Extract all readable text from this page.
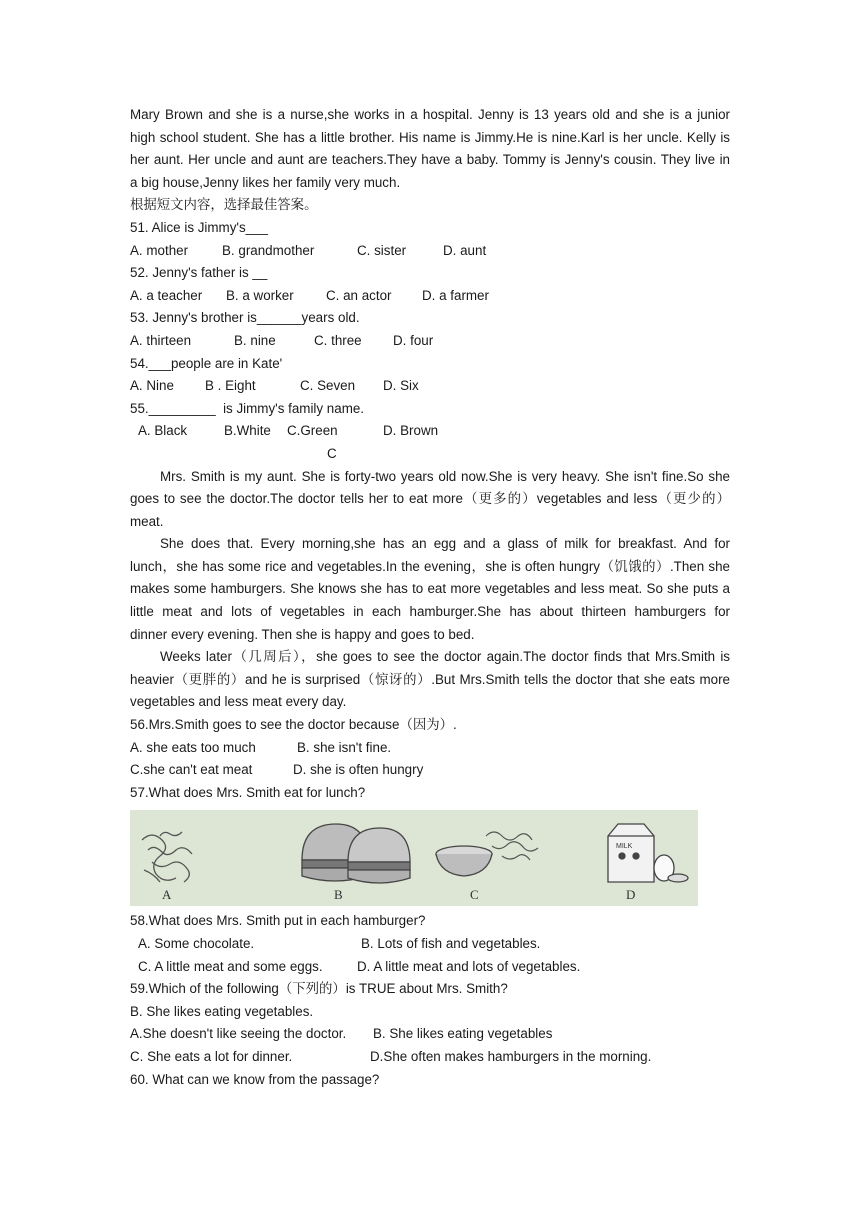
Mary Brown and she is a nurse,she works in a hospital. Jenny is 13 years old and she is a junior
high school student. She has a little brother. His name is Jimmy.He is nine.Karl is her uncle. Kelly is
her aunt. Her uncle and aunt are teachers.They have a baby. Tommy is Jenny's cousin. They live in
a big house,Jenny likes her family very much.
根据短文内容，选择最佳答案。
51. Alice is Jimmy's___
A. mother	B. grandmother	C. sister	D. aunt
52. Jenny's father is __
A. a teacher	B. a worker	C. an actor	D. a farmer
53. Jenny's brother is______years old.
A. thirteen	B. nine	C. three	D. four
54.___people are in Kate'
A. Nine	B . Eight	C. Seven	D. Six
55._________  is Jimmy's family name.
A. Black	B.White	C.Green	D. Brown
C
Mrs. Smith is my aunt. She is forty-two years old now.She is very heavy. She isn't fine.So she
goes to see the doctor.The doctor tells her to eat more（更多的）vegetables and less（更少的）
meat.
She does that. Every morning,she has an egg and a glass of milk for breakfast. And for
lunch，she has some rice and vegetables.In the evening，she is often hungry（饥饿的）.Then she
makes some hamburgers. She knows she has to eat more vegetables and less meat. So she puts a
little meat and lots of vegetables in each hamburger.She has about thirteen hamburgers for
dinner every evening. Then she is happy and goes to bed.
Weeks later（几周后），she goes to see the doctor again.The doctor finds that Mrs.Smith is
heavier（更胖的）and he is surprised（惊讶的）.But Mrs.Smith tells the doctor that she eats more
vegetables and less meat every day.
56.Mrs.Smith goes to see the doctor because（因为）.
A. she eats too much	B. she isn't fine.
C.she can't eat meat	D. she is often hungry
57.What does Mrs. Smith eat for lunch?
A	B	C
MILK
D
58.What does Mrs. Smith put in each hamburger?
A. Some chocolate.	B. Lots of fish and vegetables.
C. A little meat and some eggs.	D. A little meat and lots of vegetables.
59.Which of the following（下列的）is TRUE about Mrs. Smith?
B. She likes eating vegetables.
A.She doesn't like seeing the doctor.	B. She likes eating vegetables
C. She eats a lot for dinner.	D.She often makes hamburgers in the morning.
60. What can we know from the passage?
